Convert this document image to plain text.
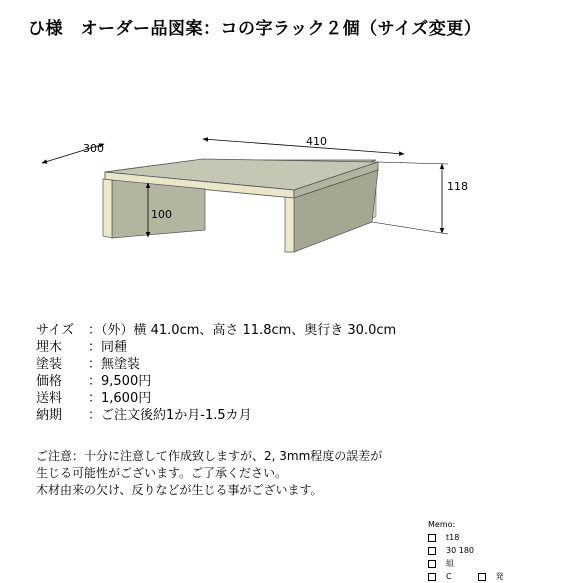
ひ様　オーダー品図案：コの字ラック２個（サイズ変更）
300
410
118
100
サイズ	：（外）横 41.0cm、高さ 11.8cm、奥行き 30.0cm
埋木	：同種
塗装	：無塗装
価格	：9,500円
送料	：1,600円
納期	：ご注文後約1か月-1.5カ月
ご注意：十分に注意して作成致しますが、2, 3mm程度の誤差が
生じる可能性がございます。ご了承ください。
木材由来の欠け、反りなどが生じる事がございます。
Memo:
t18
30 180
組
C	発
